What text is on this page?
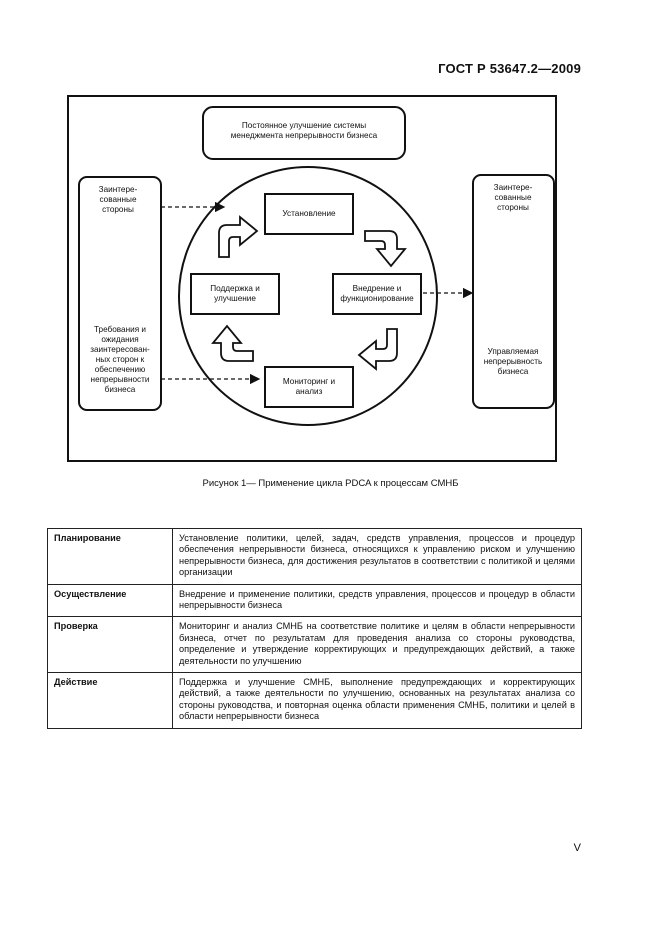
ГОСТ Р 53647.2—2009
Постоянное улучшение системы менеджмента непрерывности бизнеса
Заинтере-сованные стороны
Требования и ожидания заинтересован-ных сторон к обеспечению непрерывности бизнеса
Заинтере-сованные стороны
Управляемая непрерывность бизнеса
Установление
Внедрение и функционирование
Мониторинг и анализ
Поддержка и улучшение
Рисунок 1— Применение цикла PDCA к процессам СМНБ
Планирование	Установление политики, целей, задач, средств управления, процессов и процедур обеспечения непрерывности бизнеса, относящихся к управлению риском и улучшению непрерывности бизнеса, для достижения результатов в соответствии с политикой и целями организации
Осуществление	Внедрение и применение политики, средств управления, процессов и процедур в области непрерывности бизнеса
Проверка	Мониторинг и анализ СМНБ на соответствие политике и целям в области непрерывности бизнеса, отчет по результатам для проведения анализа со стороны руководства, определение и утверждение корректирующих и предупреждающих действий, а также деятельности по улучшению
Действие	Поддержка и улучшение СМНБ, выполнение предупреждающих и корректирующих действий, а также деятельности по улучшению, основанных на результатах анализа со стороны руководства, и повторная оценка области применения СМНБ, политики и целей в области непрерывности бизнеса
V
